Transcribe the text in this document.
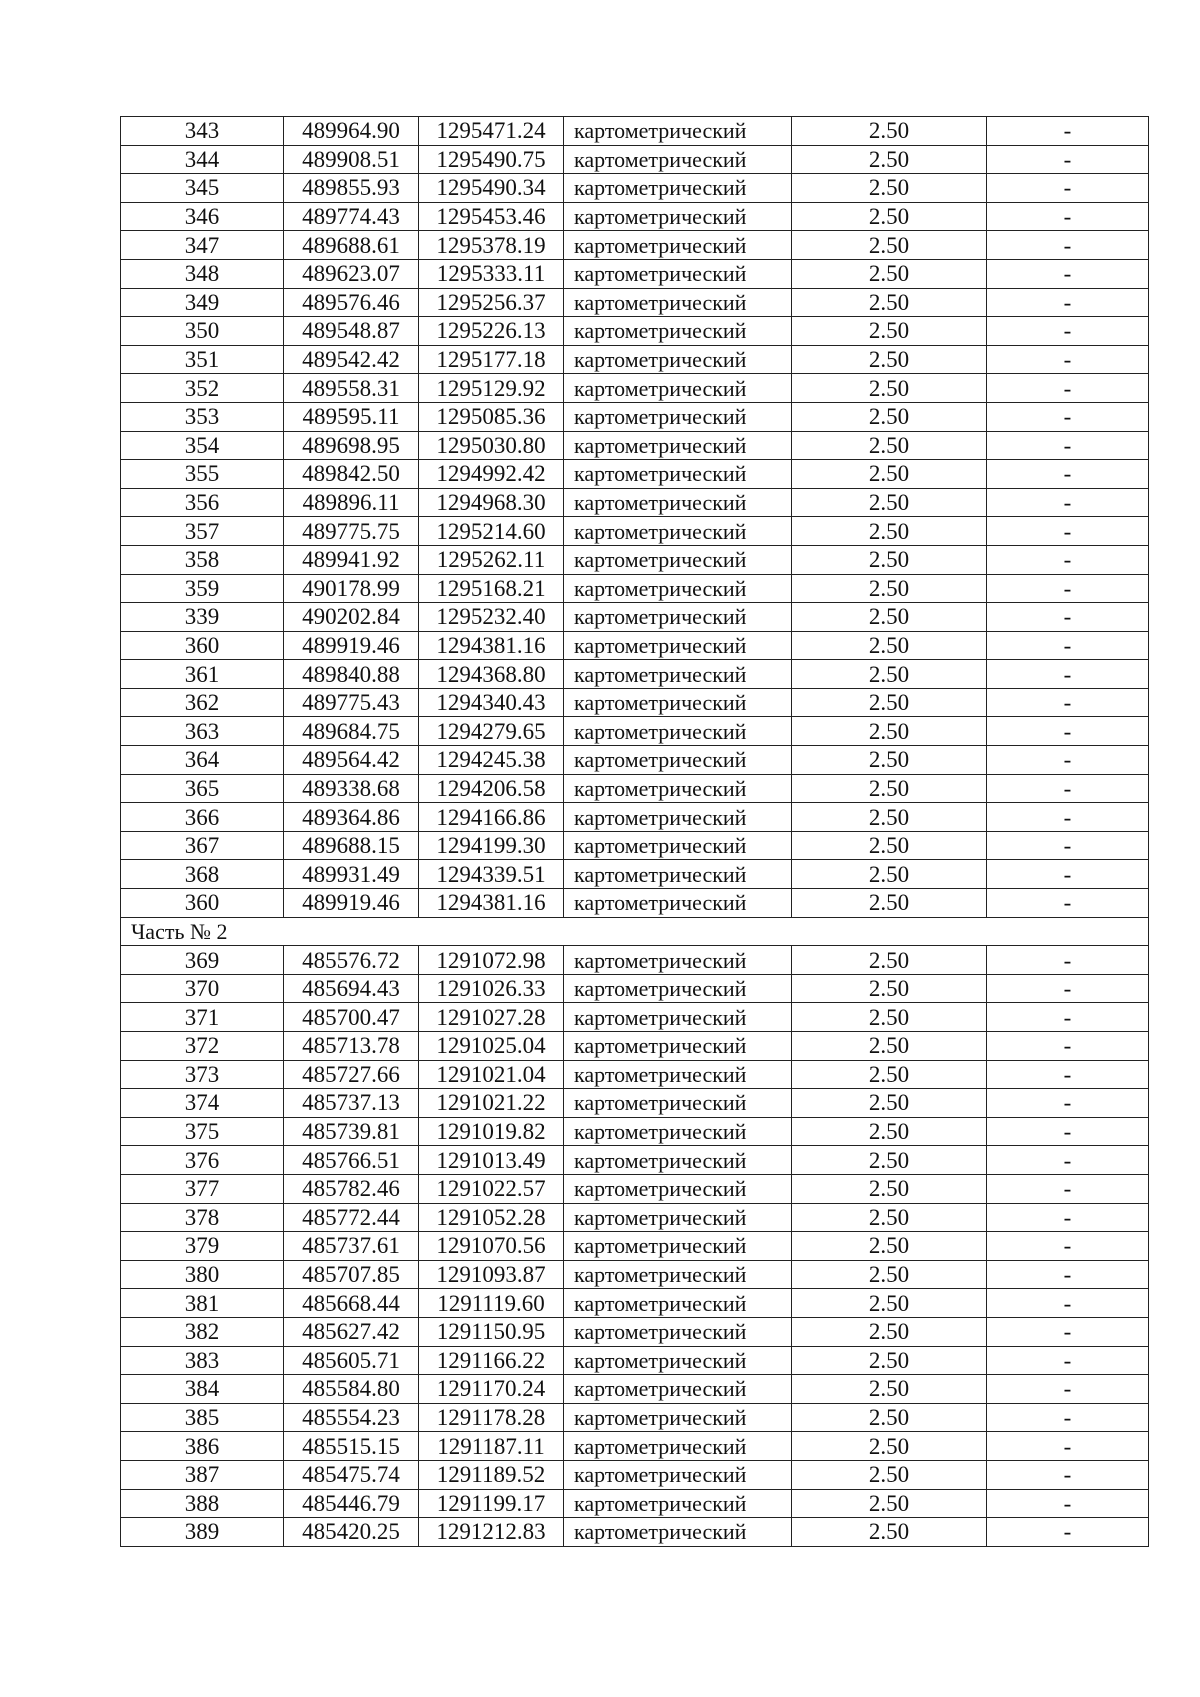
343	489964.90	1295471.24	картометрический	2.50	-
344	489908.51	1295490.75	картометрический	2.50	-
345	489855.93	1295490.34	картометрический	2.50	-
346	489774.43	1295453.46	картометрический	2.50	-
347	489688.61	1295378.19	картометрический	2.50	-
348	489623.07	1295333.11	картометрический	2.50	-
349	489576.46	1295256.37	картометрический	2.50	-
350	489548.87	1295226.13	картометрический	2.50	-
351	489542.42	1295177.18	картометрический	2.50	-
352	489558.31	1295129.92	картометрический	2.50	-
353	489595.11	1295085.36	картометрический	2.50	-
354	489698.95	1295030.80	картометрический	2.50	-
355	489842.50	1294992.42	картометрический	2.50	-
356	489896.11	1294968.30	картометрический	2.50	-
357	489775.75	1295214.60	картометрический	2.50	-
358	489941.92	1295262.11	картометрический	2.50	-
359	490178.99	1295168.21	картометрический	2.50	-
339	490202.84	1295232.40	картометрический	2.50	-
360	489919.46	1294381.16	картометрический	2.50	-
361	489840.88	1294368.80	картометрический	2.50	-
362	489775.43	1294340.43	картометрический	2.50	-
363	489684.75	1294279.65	картометрический	2.50	-
364	489564.42	1294245.38	картометрический	2.50	-
365	489338.68	1294206.58	картометрический	2.50	-
366	489364.86	1294166.86	картометрический	2.50	-
367	489688.15	1294199.30	картометрический	2.50	-
368	489931.49	1294339.51	картометрический	2.50	-
360	489919.46	1294381.16	картометрический	2.50	-
Часть № 2					
369	485576.72	1291072.98	картометрический	2.50	-
370	485694.43	1291026.33	картометрический	2.50	-
371	485700.47	1291027.28	картометрический	2.50	-
372	485713.78	1291025.04	картометрический	2.50	-
373	485727.66	1291021.04	картометрический	2.50	-
374	485737.13	1291021.22	картометрический	2.50	-
375	485739.81	1291019.82	картометрический	2.50	-
376	485766.51	1291013.49	картометрический	2.50	-
377	485782.46	1291022.57	картометрический	2.50	-
378	485772.44	1291052.28	картометрический	2.50	-
379	485737.61	1291070.56	картометрический	2.50	-
380	485707.85	1291093.87	картометрический	2.50	-
381	485668.44	1291119.60	картометрический	2.50	-
382	485627.42	1291150.95	картометрический	2.50	-
383	485605.71	1291166.22	картометрический	2.50	-
384	485584.80	1291170.24	картометрический	2.50	-
385	485554.23	1291178.28	картометрический	2.50	-
386	485515.15	1291187.11	картометрический	2.50	-
387	485475.74	1291189.52	картометрический	2.50	-
388	485446.79	1291199.17	картометрический	2.50	-
389	485420.25	1291212.83	картометрический	2.50	-
